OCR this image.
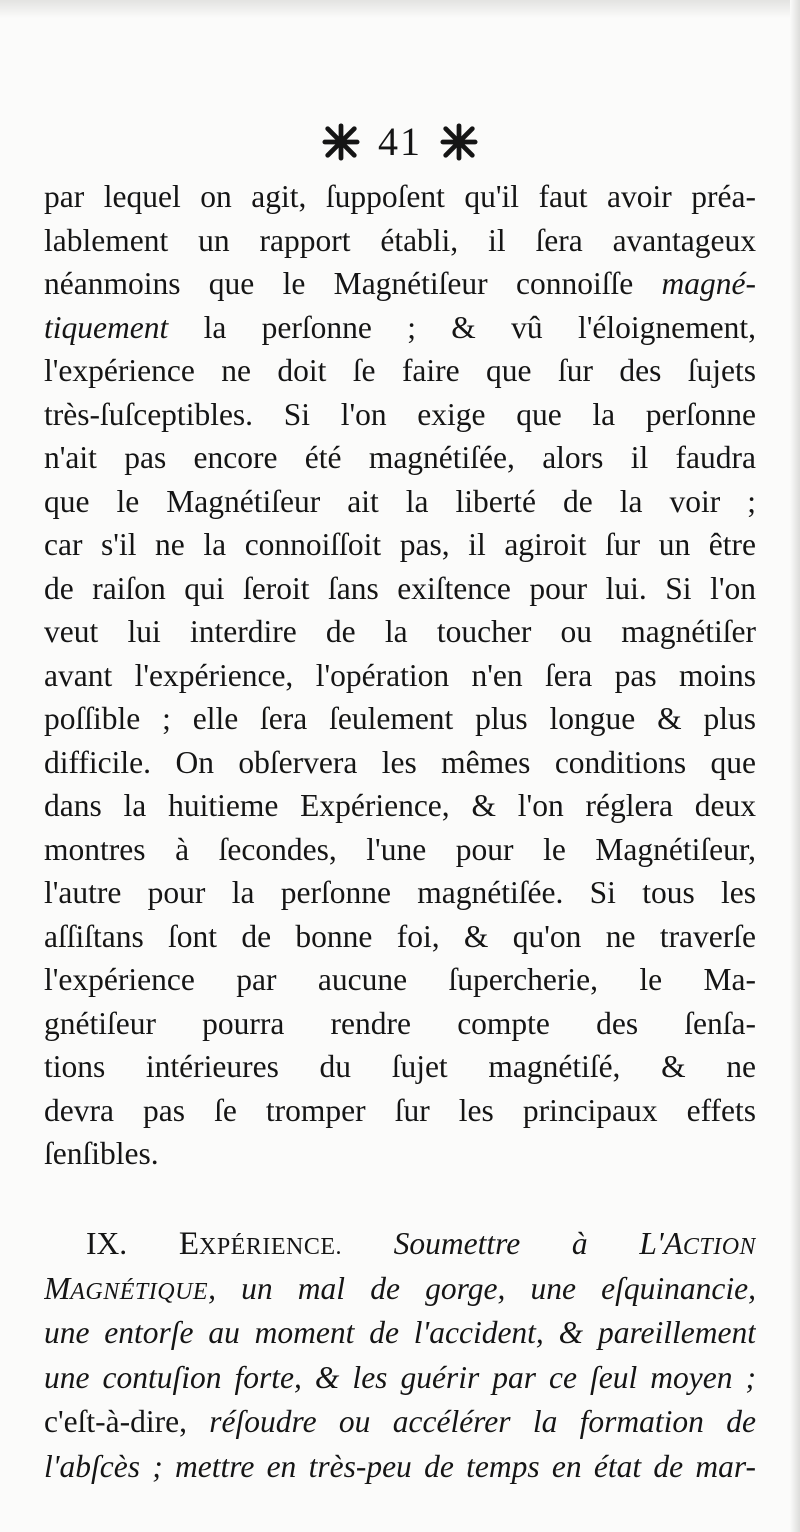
41
par lequel on agit, ſuppoſent qu'il faut avoir préa-
lablement un rapport établi, il ſera avantageux
néanmoins que le Magnétiſeur connoiſſe magné-
tiquement la perſonne ; & vû l'éloignement,
l'expérience ne doit ſe faire que ſur des ſujets
très-ſuſceptibles. Si l'on exige que la perſonne
n'ait pas encore été magnétiſée, alors il faudra
que le Magnétiſeur ait la liberté de la voir ;
car s'il ne la connoiſſoit pas, il agiroit ſur un être
de raiſon qui ſeroit ſans exiſtence pour lui. Si l'on
veut lui interdire de la toucher ou magnétiſer
avant l'expérience, l'opération n'en ſera pas moins
poſſible ; elle ſera ſeulement plus longue & plus
difficile. On obſervera les mêmes conditions que
dans la huitieme Expérience, & l'on réglera deux
montres à ſecondes, l'une pour le Magnétiſeur,
l'autre pour la perſonne magnétiſée. Si tous les
aſſiſtans ſont de bonne foi, & qu'on ne traverſe
l'expérience par aucune ſupercherie, le Ma-
gnétiſeur pourra rendre compte des ſenſa-
tions intérieures du ſujet magnétiſé, & ne
devra pas ſe tromper ſur les principaux effets
ſenſibles.
IX. EXPÉRIENCE. Soumettre à L'ACTION
MAGNÉTIQUE, un mal de gorge, une eſquinancie,
une entorſe au moment de l'accident, & pareillement
une contuſion forte, & les guérir par ce ſeul moyen ;
c'eſt-à-dire, réſoudre ou accélérer la formation de
l'abſcès ; mettre en très-peu de temps en état de mar-
